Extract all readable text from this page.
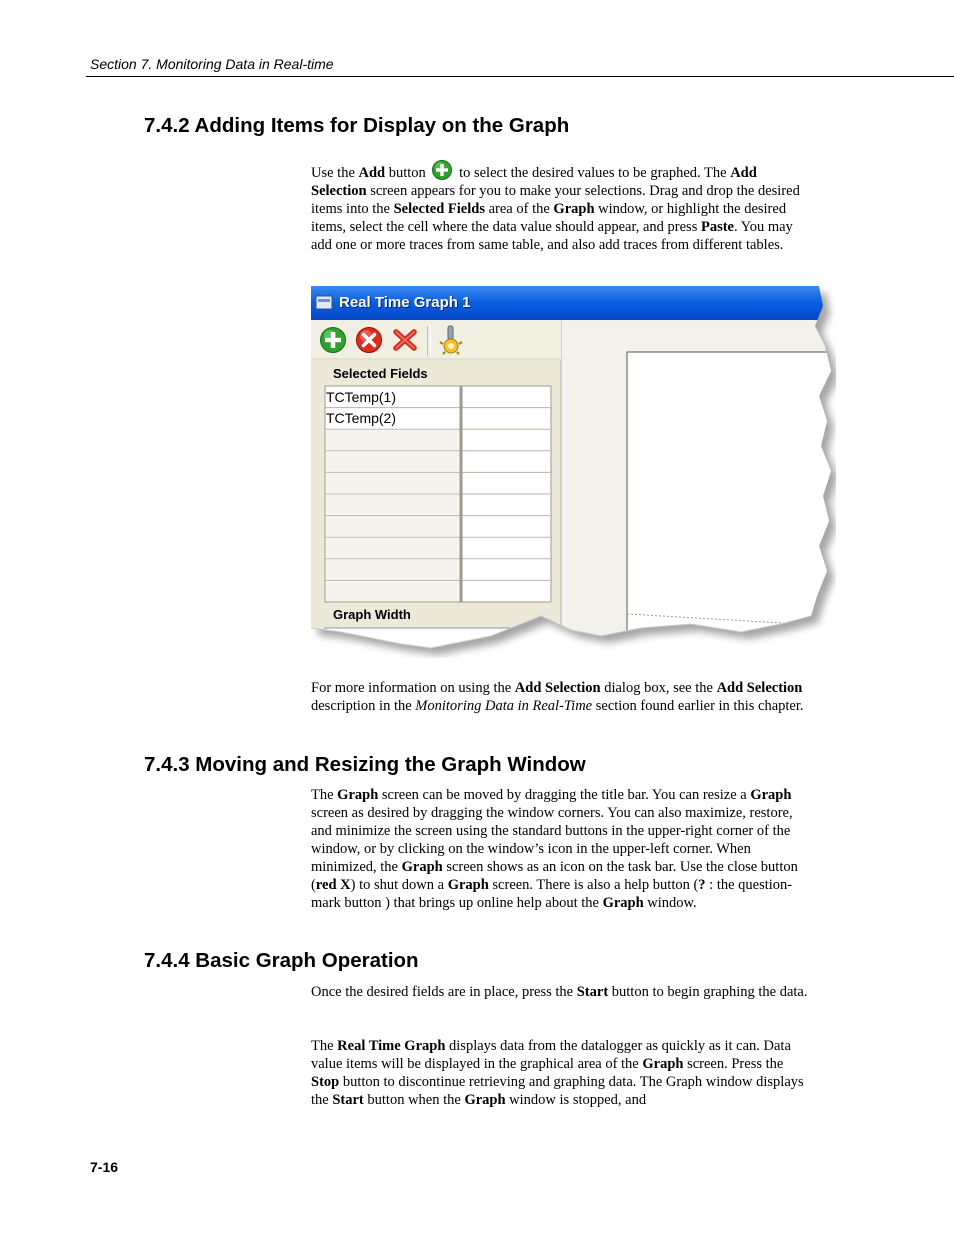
Section 7. Monitoring Data in Real-time
7.4.2 Adding Items for Display on the Graph

Use the Add button  to select the desired values to be graphed. The Add Selection screen appears for you to make your selections. Drag and drop the desired items into the Selected Fields area of the Graph window, or highlight the desired items, select the cell where the data value should appear, and press Paste. You may add one or more traces from same table, and also add traces from different tables.

Real Time Graph 1
Selected Fields
TCTemp(1)
TCTemp(2)
Graph Width

For more information on using the Add Selection dialog box, see the Add Selection description in the Monitoring Data in Real-Time section found earlier in this chapter.

7.4.3 Moving and Resizing the Graph Window

The Graph screen can be moved by dragging the title bar. You can resize a Graph screen as desired by dragging the window corners. You can also maximize, restore, and minimize the screen using the standard buttons in the upper-right corner of the window, or by clicking on the window’s icon in the upper-left corner. When minimized, the Graph screen shows as an icon on the task bar. Use the close button (red X) to shut down a Graph screen. There is also a help button (? : the question-mark button ) that brings up online help about the Graph window.

7.4.4 Basic Graph Operation

Once the desired fields are in place, press the Start button to begin graphing the data.

The Real Time Graph displays data from the datalogger as quickly as it can. Data value items will be displayed in the graphical area of the Graph screen. Press the Stop button to discontinue retrieving and graphing data. The Graph window displays the Start button when the Graph window is stopped, and

7-16
